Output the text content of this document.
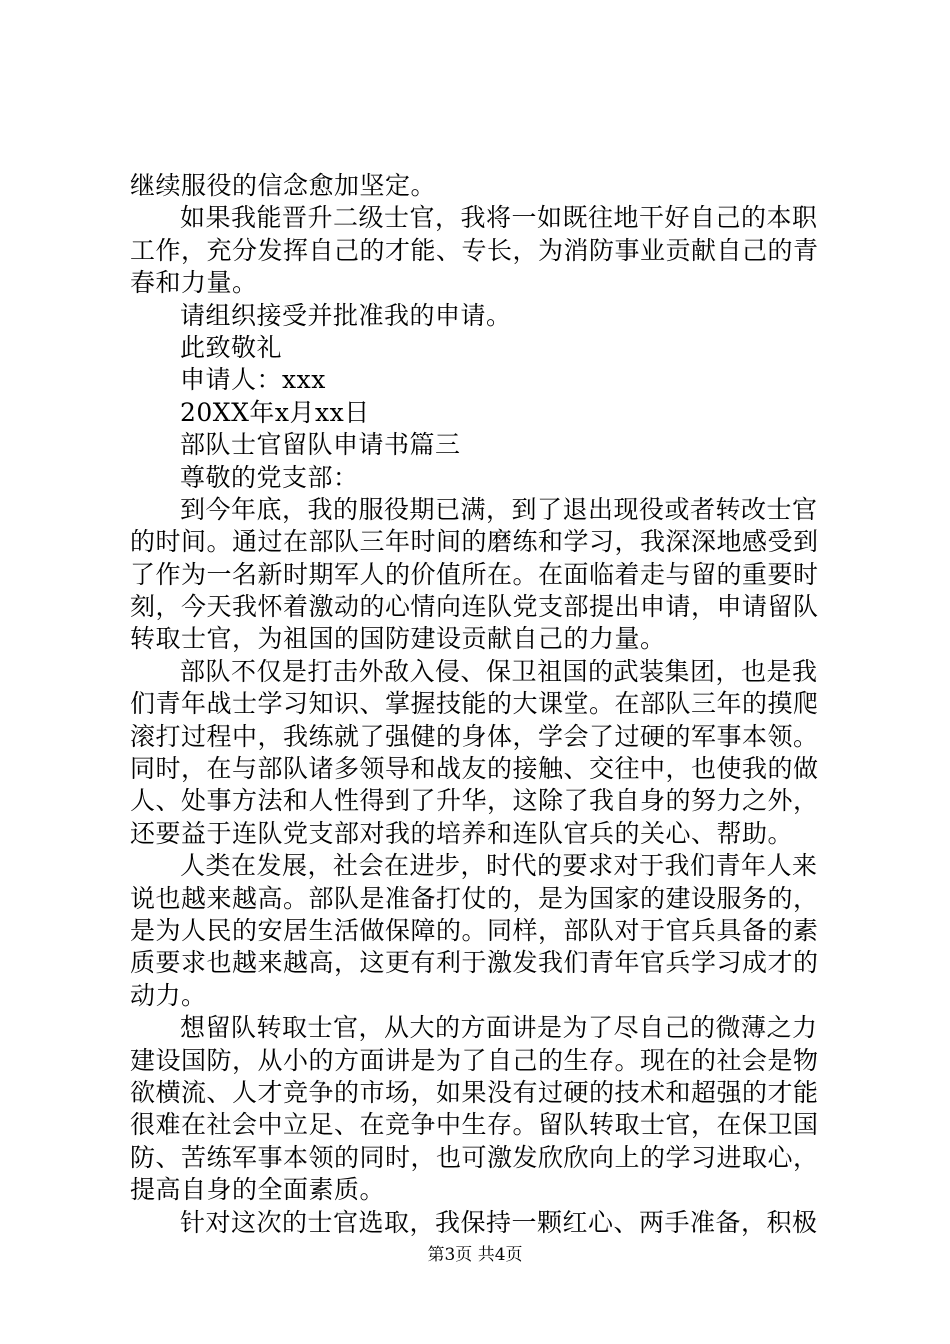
继续服役的信念愈加坚定。
如果我能晋升二级士官，我将一如既往地干好自己的本职
工作，充分发挥自己的才能、专长，为消防事业贡献自己的青
春和力量。
请组织接受并批准我的申请。
此致敬礼
申请人：xxx
20XX年x月xx日
部队士官留队申请书篇三
尊敬的党支部：
到今年底，我的服役期已满，到了退出现役或者转改士官
的时间。通过在部队三年时间的磨练和学习，我深深地感受到
了作为一名新时期军人的价值所在。在面临着走与留的重要时
刻，今天我怀着激动的心情向连队党支部提出申请，申请留队
转取士官，为祖国的国防建设贡献自己的力量。
部队不仅是打击外敌入侵、保卫祖国的武装集团，也是我
们青年战士学习知识、掌握技能的大课堂。在部队三年的摸爬
滚打过程中，我练就了强健的身体，学会了过硬的军事本领。
同时，在与部队诸多领导和战友的接触、交往中，也使我的做
人、处事方法和人性得到了升华，这除了我自身的努力之外，
还要益于连队党支部对我的培养和连队官兵的关心、帮助。
人类在发展，社会在进步，时代的要求对于我们青年人来
说也越来越高。部队是准备打仗的，是为国家的建设服务的，
是为人民的安居生活做保障的。同样，部队对于官兵具备的素
质要求也越来越高，这更有利于激发我们青年官兵学习成才的
动力。
想留队转取士官，从大的方面讲是为了尽自己的微薄之力
建设国防，从小的方面讲是为了自己的生存。现在的社会是物
欲横流、人才竞争的市场，如果没有过硬的技术和超强的才能
很难在社会中立足、在竞争中生存。留队转取士官，在保卫国
防、苦练军事本领的同时，也可激发欣欣向上的学习进取心，
提高自身的全面素质。
针对这次的士官选取，我保持一颗红心、两手准备，积极
第3页 共4页
